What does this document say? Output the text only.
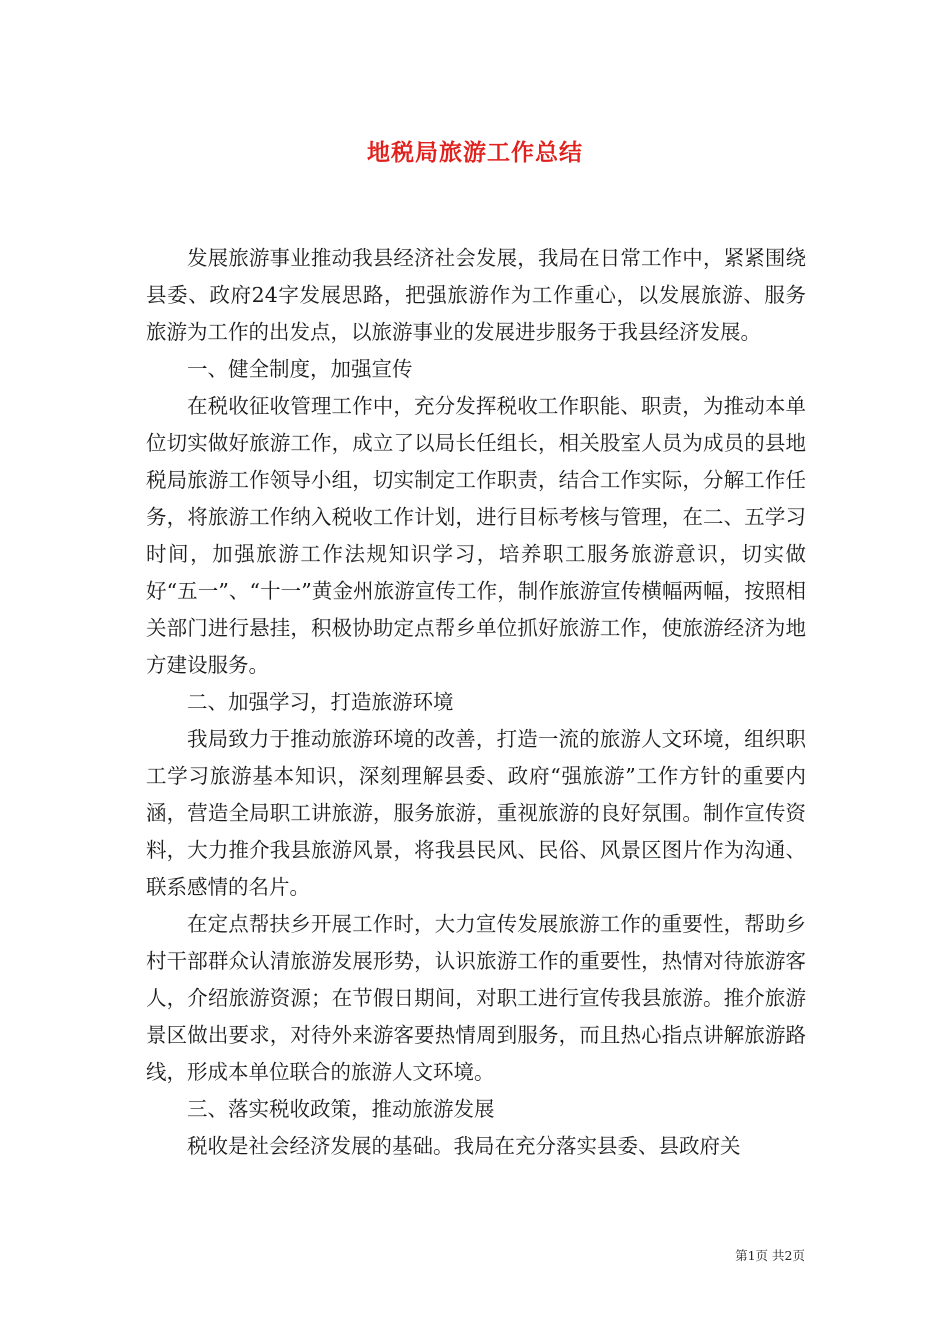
地税局旅游工作总结

发展旅游事业推动我县经济社会发展，我局在日常工作中，紧紧围绕县委、政府24字发展思路，把强旅游作为工作重心，以发展旅游、服务旅游为工作的出发点，以旅游事业的发展进步服务于我县经济发展。

一、健全制度，加强宣传

在税收征收管理工作中，充分发挥税收工作职能、职责，为推动本单位切实做好旅游工作，成立了以局长任组长，相关股室人员为成员的县地税局旅游工作领导小组，切实制定工作职责，结合工作实际，分解工作任务，将旅游工作纳入税收工作计划，进行目标考核与管理，在二、五学习时间，加强旅游工作法规知识学习，培养职工服务旅游意识，切实做好“五一”、“十一”黄金州旅游宣传工作，制作旅游宣传横幅两幅，按照相关部门进行悬挂，积极协助定点帮乡单位抓好旅游工作，使旅游经济为地方建设服务。

二、加强学习，打造旅游环境

我局致力于推动旅游环境的改善，打造一流的旅游人文环境，组织职工学习旅游基本知识，深刻理解县委、政府“强旅游”工作方针的重要内涵，营造全局职工讲旅游，服务旅游，重视旅游的良好氛围。制作宣传资料，大力推介我县旅游风景，将我县民风、民俗、风景区图片作为沟通、联系感情的名片。

在定点帮扶乡开展工作时，大力宣传发展旅游工作的重要性，帮助乡村干部群众认清旅游发展形势，认识旅游工作的重要性，热情对待旅游客人，介绍旅游资源；在节假日期间，对职工进行宣传我县旅游。推介旅游景区做出要求，对待外来游客要热情周到服务，而且热心指点讲解旅游路线，形成本单位联合的旅游人文环境。

三、落实税收政策，推动旅游发展

税收是社会经济发展的基础。我局在充分落实县委、县政府关

第1页 共2页
